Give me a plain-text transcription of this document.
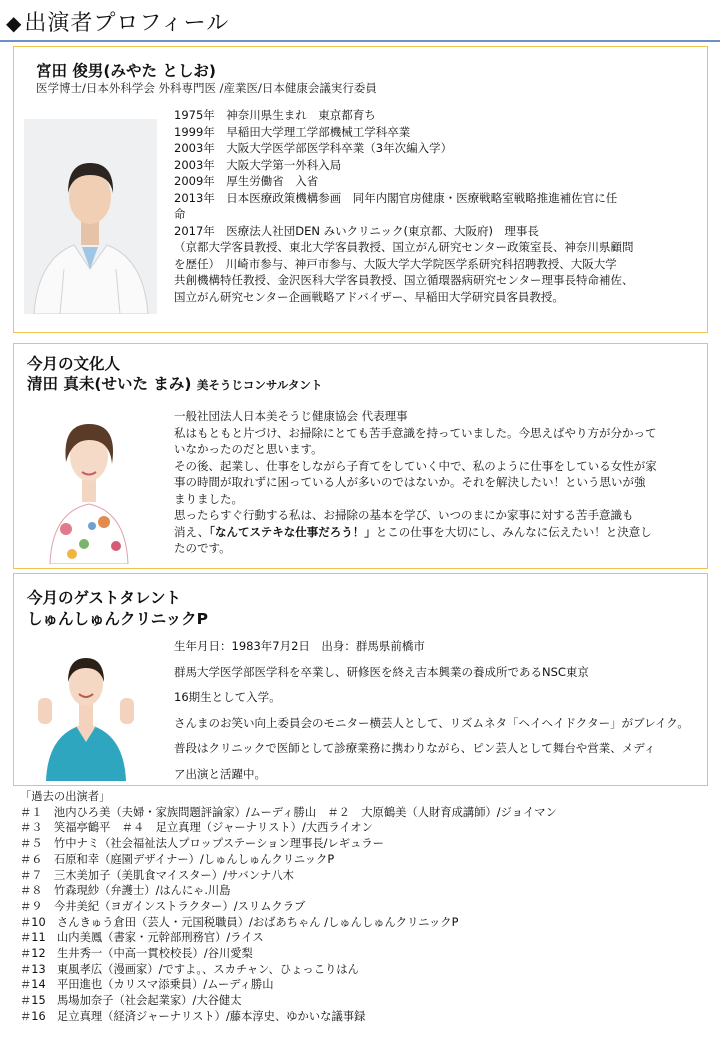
◆出演者プロフィール
宮田 俊男(みやた としお)
医学博士/日本外科学会 外科専門医 /産業医/日本健康会議実行委員
1975年　神奈川県生まれ　東京都育ち
1999年　早稲田大学理工学部機械工学科卒業
2003年　大阪大学医学部医学科卒業（3年次編入学）
2003年　大阪大学第一外科入局
2009年　厚生労働省　入省
2013年　日本医療政策機構参画　同年内閣官房健康・医療戦略室戦略推進補佐官に任
命
2017年　医療法人社団DEN みいクリニック(東京都、大阪府)　理事長
（京都大学客員教授、東北大学客員教授、国立がん研究センター政策室長、神奈川県顧問
を歴任）　川崎市参与、神戸市参与、大阪大学大学院医学系研究科招聘教授、大阪大学
共創機構特任教授、金沢医科大学客員教授、国立循環器病研究センター理事長特命補佐、
国立がん研究センター企画戦略アドバイザー、早稲田大学研究員客員教授。
今月の文化人
清田 真未(せいた まみ) 美そうじコンサルタント
一般社団法人日本美そうじ健康協会 代表理事
私はもともと片づけ、お掃除にとても苦手意識を持っていました。今思えばやり方が分かって
いなかったのだと思います。
その後、起業し、仕事をしながら子育てをしていく中で、私のように仕事をしている女性が家
事の時間が取れずに困っている人が多いのではないか。それを解決したい！という思いが強
まりました。
思ったらすぐ行動する私は、お掃除の基本を学び、いつのまにか家事に対する苦手意識も
消え、「なんてステキな仕事だろう！」とこの仕事を大切にし、みんなに伝えたい！と決意し
たのです。
今月のゲストタレント
しゅんしゅんクリニックP
生年月日：1983年7月2日　出身：群馬県前橋市
群馬大学医学部医学科を卒業し、研修医を終え吉本興業の養成所であるNSC東京
16期生として入学。
さんまのお笑い向上委員会のモニター横芸人として、リズムネタ「ヘイヘイドクター」がブレイク。
普段はクリニックで医師として診療業務に携わりながら、ピン芸人として舞台や営業、メディ
ア出演と活躍中。
「過去の出演者」
＃１　池内ひろ美（夫婦・家族問題評論家）/ムーディ勝山　＃２　大原鶴美（人財育成講師）/ジョイマン
＃３　笑福亭鶴平　＃４　足立真理（ジャーナリスト）/大西ライオン
＃５　竹中ナミ（社会福祉法人プロップステーション理事長/レギュラー
＃６　石原和幸（庭園デザイナー）/しゅんしゅんクリニックP
＃７　三木美加子（美肌食マイスター）/サバンナ八木
＃８　竹森現紗（弁護士）/はんにゃ.川島
＃９　今井美紀（ヨガインストラクター）/スリムクラブ
＃10　さんきゅう倉田（芸人・元国税職員）/おばあちゃん /しゅんしゅんクリニックP
＃11　山内美鳳（書家・元幹部刑務官）/ライス
＃12　生井秀一（中高一貫校校長）/谷川愛梨
＃13　東風孝広（漫画家）/ですよ。、スカチャン、ひょっこりはん
＃14　平田進也（カリスマ添乗員）/ムーディ勝山
＃15　馬場加奈子（社会起業家）/大谷健太
＃16　足立真理（経済ジャーナリスト）/藤本淳史、ゆかいな議事録
